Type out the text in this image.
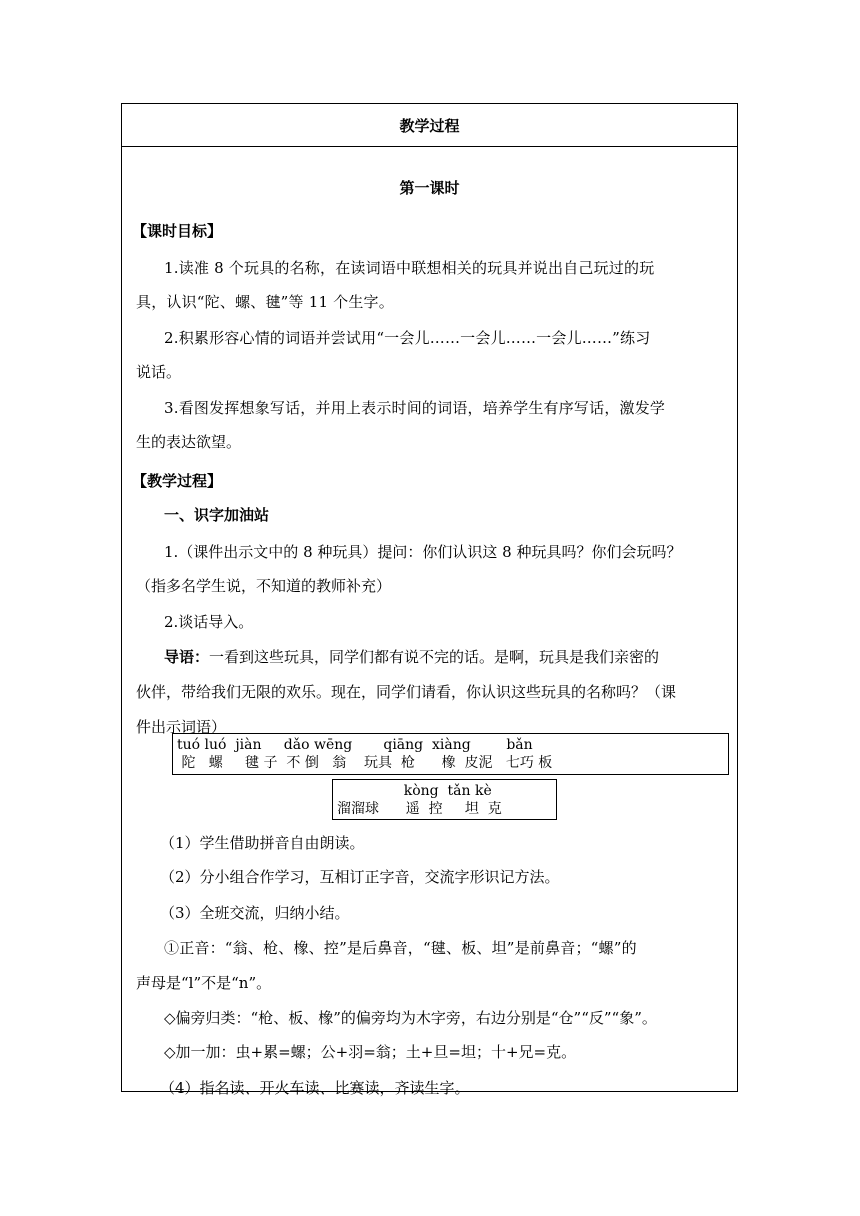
教学过程
第一课时
【课时目标】
1.读准 8 个玩具的名称，在读词语中联想相关的玩具并说出自己玩过的玩
具，认识“陀、螺、毽”等 11 个生字。
2.积累形容心情的词语并尝试用“一会儿……一会儿……一会儿……”练习
说话。
3.看图发挥想象写话，并用上表示时间的词语，培养学生有序写话，激发学
生的表达欲望。
【教学过程】
一、识字加油站
1.（课件出示文中的 8 种玩具）提问：你们认识这 8 种玩具吗？你们会玩吗？
（指多名学生说，不知道的教师补充）
2.谈话导入。
导语：一看到这些玩具，同学们都有说不完的话。是啊，玩具是我们亲密的
伙伴，带给我们无限的欢乐。现在，同学们请看，你认识这些玩具的名称吗？（课
件出示词语）
tuó luó  jiàn     dǎo wēng       qiāng  xiàng        bǎn
陀   螺     毽 子  不 倒   翁    玩具  枪      橡  皮泥   七巧 板
kòng  tǎn kè
溜溜球      遥  控     坦  克
（1）学生借助拼音自由朗读。
（2）分小组合作学习，互相订正字音，交流字形识记方法。
（3）全班交流，归纳小结。
①正音：“翁、枪、橡、控”是后鼻音，“毽、板、坦”是前鼻音；“螺”的
声母是“l”不是“n”。
◇偏旁归类：“枪、板、橡”的偏旁均为木字旁，右边分别是“仓”“反”“象”。
◇加一加：虫+累=螺；公+羽=翁；土+旦=坦；十+兄=克。
（4）指名读、开火车读、比赛读，齐读生字。
